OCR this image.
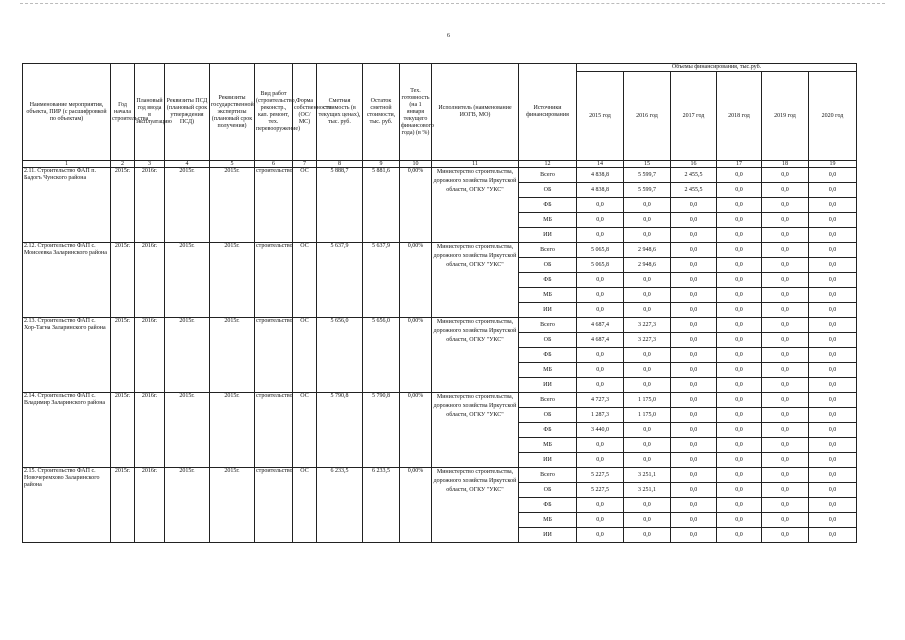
6
Наименование мероприятия, объекта, ПИР (с расшифровкой по объектам)	Год начала строительства	Плановый год ввода в эксплуатацию	Реквизиты ПСД (плановый срок утверждения ПСД)	Реквизиты государственной экспертизы (плановый срок получения)	Вид работ (строительство, реконстр., кап. ремонт, тех. перевооружение)	Форма собственности (ОС/МС)	Сметная стоимость (в текущих ценах), тыс. руб.	Остаток сметной стоимости, тыс. руб.	Тех. готовность (на 1 января текущего финансового года) (в %)	Исполнитель (наименование ИОГВ, МО)	Источники финансирования	Объемы финансирования, тыс.руб.					
												2015 год	2016 год	2017 год	2018 год	2019 год	2020 год
1	2	3	4	5	6	7	8	9	10	11	12	14	15	16	17	18	19
2.11. Строительство ФАП п. Бадогъ Чунского района	2015г.	2016г.	2015г.	2015г.	строительство	ОС	5 888,7	5 881,6	0,00%	Министерство строительства, дорожного хозяйства Иркутской области, ОГКУ "УКС"	Всего	4 838,8	5 599,7	2 455,5	0,0	0,0	0,0
											ОБ	4 838,8	5 599,7	2 455,5	0,0	0,0	0,0
											ФБ	0,0	0,0	0,0	0,0	0,0	0,0
											МБ	0,0	0,0	0,0	0,0	0,0	0,0
											ИИ	0,0	0,0	0,0	0,0	0,0	0,0
2.12. Строительство ФАП с. Моисеевка Заларинского района	2015г.	2016г.	2015г.	2015г.	строительство	ОС	5 637,9	5 637,9	0,00%	Министерство строительства, дорожного хозяйства Иркутской области, ОГКУ "УКС"	Всего	5 065,8	2 948,6	0,0	0,0	0,0	0,0
											ОБ	5 065,8	2 948,6	0,0	0,0	0,0	0,0
											ФБ	0,0	0,0	0,0	0,0	0,0	0,0
											МБ	0,0	0,0	0,0	0,0	0,0	0,0
											ИИ	0,0	0,0	0,0	0,0	0,0	0,0
2.13. Строительство ФАП с. Хор-Тагна Заларинского района	2015г.	2016г.	2015г.	2015г.	строительство	ОС	5 656,0	5 656,0	0,00%	Министерство строительства, дорожного хозяйства Иркутской области, ОГКУ "УКС"	Всего	4 687,4	3 227,3	0,0	0,0	0,0	0,0
											ОБ	4 687,4	3 227,3	0,0	0,0	0,0	0,0
											ФБ	0,0	0,0	0,0	0,0	0,0	0,0
											МБ	0,0	0,0	0,0	0,0	0,0	0,0
											ИИ	0,0	0,0	0,0	0,0	0,0	0,0
2.14. Строительство ФАП с. Владимир Заларинского района	2015г.	2016г.	2015г.	2015г.	строительство	ОС	5 790,8	5 790,8	0,00%	Министерство строительства, дорожного хозяйства Иркутской области, ОГКУ "УКС"	Всего	4 727,3	1 175,0	0,0	0,0	0,0	0,0
											ОБ	1 287,3	1 175,0	0,0	0,0	0,0	0,0
											ФБ	3 440,0	0,0	0,0	0,0	0,0	0,0
											МБ	0,0	0,0	0,0	0,0	0,0	0,0
											ИИ	0,0	0,0	0,0	0,0	0,0	0,0
2.15. Строительство ФАП с. Новочеремхово Заларинского района	2015г.	2016г.	2015г.	2015г.	строительство	ОС	6 233,5	6 233,5	0,00%	Министерство строительства, дорожного хозяйства Иркутской области, ОГКУ "УКС"	Всего	5 227,5	3 251,1	0,0	0,0	0,0	0,0
											ОБ	5 227,5	3 251,1	0,0	0,0	0,0	0,0
											ФБ	0,0	0,0	0,0	0,0	0,0	0,0
											МБ	0,0	0,0	0,0	0,0	0,0	0,0
											ИИ	0,0	0,0	0,0	0,0	0,0	0,0
